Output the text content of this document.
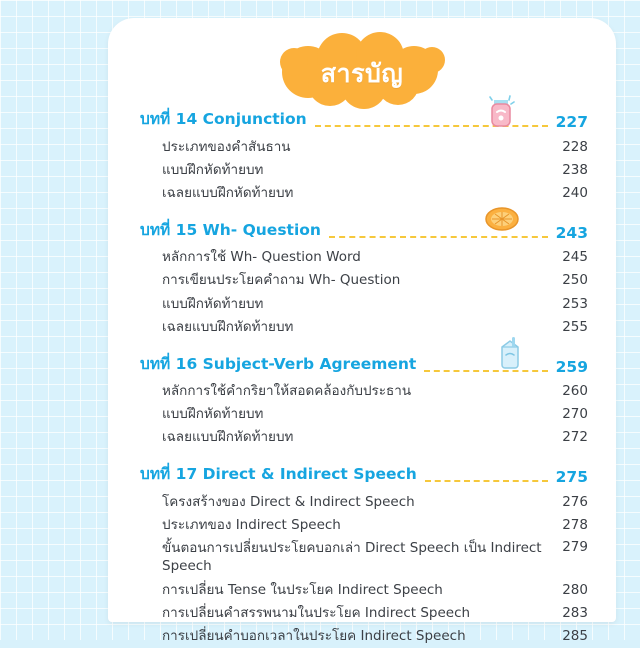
สารบัญ
บทที่ 14 Conjunction	227
ประเภทของคำสันธาน	228
แบบฝึกหัดท้ายบท	238
เฉลยแบบฝึกหัดท้ายบท	240
บทที่ 15 Wh- Question	243
หลักการใช้ Wh- Question Word	245
การเขียนประโยคคำถาม Wh- Question	250
แบบฝึกหัดท้ายบท	253
เฉลยแบบฝึกหัดท้ายบท	255
บทที่ 16 Subject-Verb Agreement	259
หลักการใช้คำกริยาให้สอดคล้องกับประธาน	260
แบบฝึกหัดท้ายบท	270
เฉลยแบบฝึกหัดท้ายบท	272
บทที่ 17 Direct & Indirect Speech	275
โครงสร้างของ Direct & Indirect Speech	276
ประเภทของ Indirect Speech	278
ขั้นตอนการเปลี่ยนประโยคบอกเล่า Direct Speech เป็น Indirect Speech
279
การเปลี่ยน Tense ในประโยค Indirect Speech	280
การเปลี่ยนคำสรรพนามในประโยค Indirect Speech	283
การเปลี่ยนคำบอกเวลาในประโยค Indirect Speech	285
